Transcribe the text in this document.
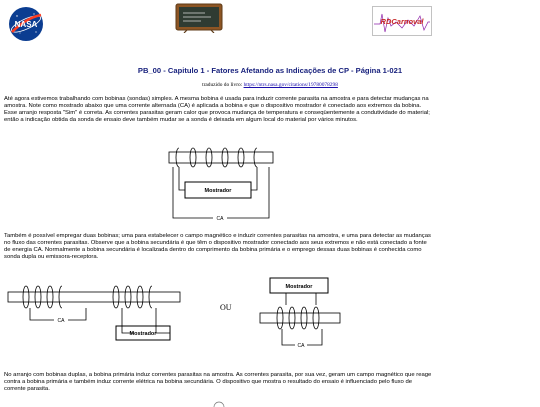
NASA	RDCarnoval
PB_00 - Capitulo 1 - Fatores Afetando as Indicações de CP - Página 1-021
traduzido do livro: https://ntrs.nasa.gov/citations/19780078298

Até agora estivemos trabalhando com bobinas (sondas) simples. A mesma bobina é usada para induzir corrente parasita na amostra e para detectar mudanças na amostra. Note como mostrado abaixo que uma corrente alternada (CA) é aplicada a bobina e que o dispositivo mostrador é conectado aos extremos da bobina. Esse arranjo resposta "Sim" é correta. As correntes parasitas geram calor que provoca mudança de temperatura e conseqüentemente a condutividade do material; então a indicação obtida da sonda de ensaio deve também mudar se a sonda é deixada em algum local do material por vários minutos.

Mostrador
CA

Também é possível empregar duas bobinas; uma para estabelecer o campo magnético e induzir correntes parasitas na amostra, e uma para detectar as mudanças no fluxo das correntes parasitas. Observe que a bobina secundária é que têm o dispositivo mostrador conectado aos seus extremos e não está conectado a fonte de energia CA. Normalmente a bobina secundária é localizada dentro do comprimento da bobina primária e o emprego dessas duas bobinas é conhecida como sonda dupla ou emissora-receptora.

CA
Mostrador
OU
Mostrador
CA

No arranjo com bobinas duplas, a bobina primária induz correntes parasitas na amostra. As correntes parasita, por sua vez, geram um campo magnético que reage contra a bobina primária e também induz corrente elétrica na bobina secundária. O dispositivo que mostra o resultado do ensaio é influenciado pelo fluxo de corrente parasita.
